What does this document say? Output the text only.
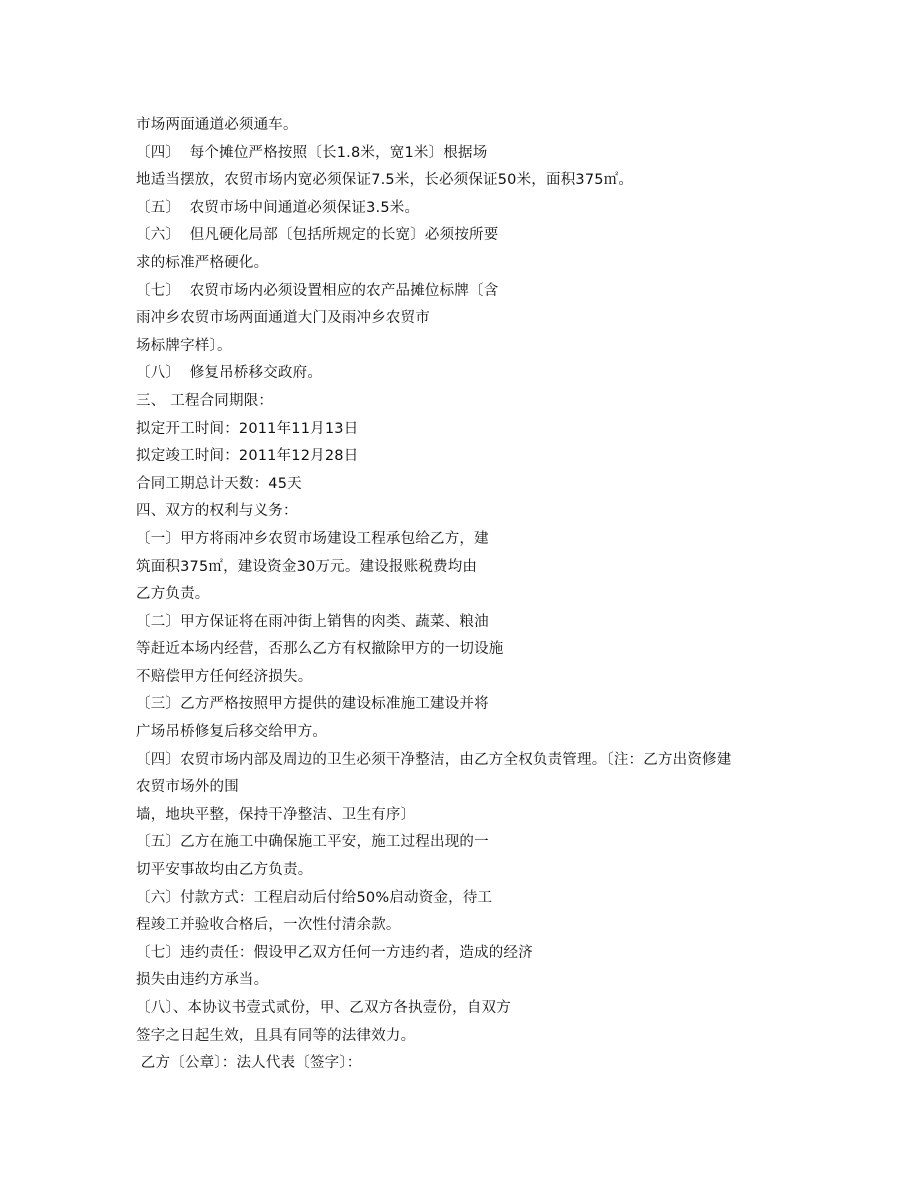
市场两面通道必须通车。
〔四〕  每个摊位严格按照〔长1.8米，宽1米〕根据场
地适当摆放，农贸市场内宽必须保证7.5米，长必须保证50米，面积375㎡。
〔五〕  农贸市场中间通道必须保证3.5米。
〔六〕  但凡硬化局部〔包括所规定的长宽〕必须按所要
求的标准严格硬化。
〔七〕  农贸市场内必须设置相应的农产品摊位标牌〔含
雨冲乡农贸市场两面通道大门及雨冲乡农贸市
场标牌字样〕。
〔八〕  修复吊桥移交政府。
三、 工程合同期限：
拟定开工时间：2011年11月13日
拟定竣工时间：2011年12月28日
合同工期总计天数：45天
四、双方的权利与义务：
〔一〕甲方将雨冲乡农贸市场建设工程承包给乙方，建
筑面积375㎡，建设资金30万元。建设报账税费均由
乙方负责。
〔二〕甲方保证将在雨冲街上销售的肉类、蔬菜、粮油
等赶近本场内经营，否那么乙方有权撤除甲方的一切设施
不赔偿甲方任何经济损失。
〔三〕乙方严格按照甲方提供的建设标准施工建设并将
广场吊桥修复后移交给甲方。
〔四〕农贸市场内部及周边的卫生必须干净整洁，由乙方全权负责管理。〔注：乙方出资修建
农贸市场外的围
墙，地块平整，保持干净整洁、卫生有序〕
〔五〕乙方在施工中确保施工平安，施工过程出现的一
切平安事故均由乙方负责。
〔六〕付款方式：工程启动后付给50%启动资金，待工
程竣工并验收合格后，一次性付清余款。
〔七〕违约责任：假设甲乙双方任何一方违约者，造成的经济
损失由违约方承当。
〔八〕、本协议书壹式贰份，甲、乙双方各执壹份，自双方
签字之日起生效，且具有同等的法律效力。
乙方〔公章〕：法人代表〔签字〕：
